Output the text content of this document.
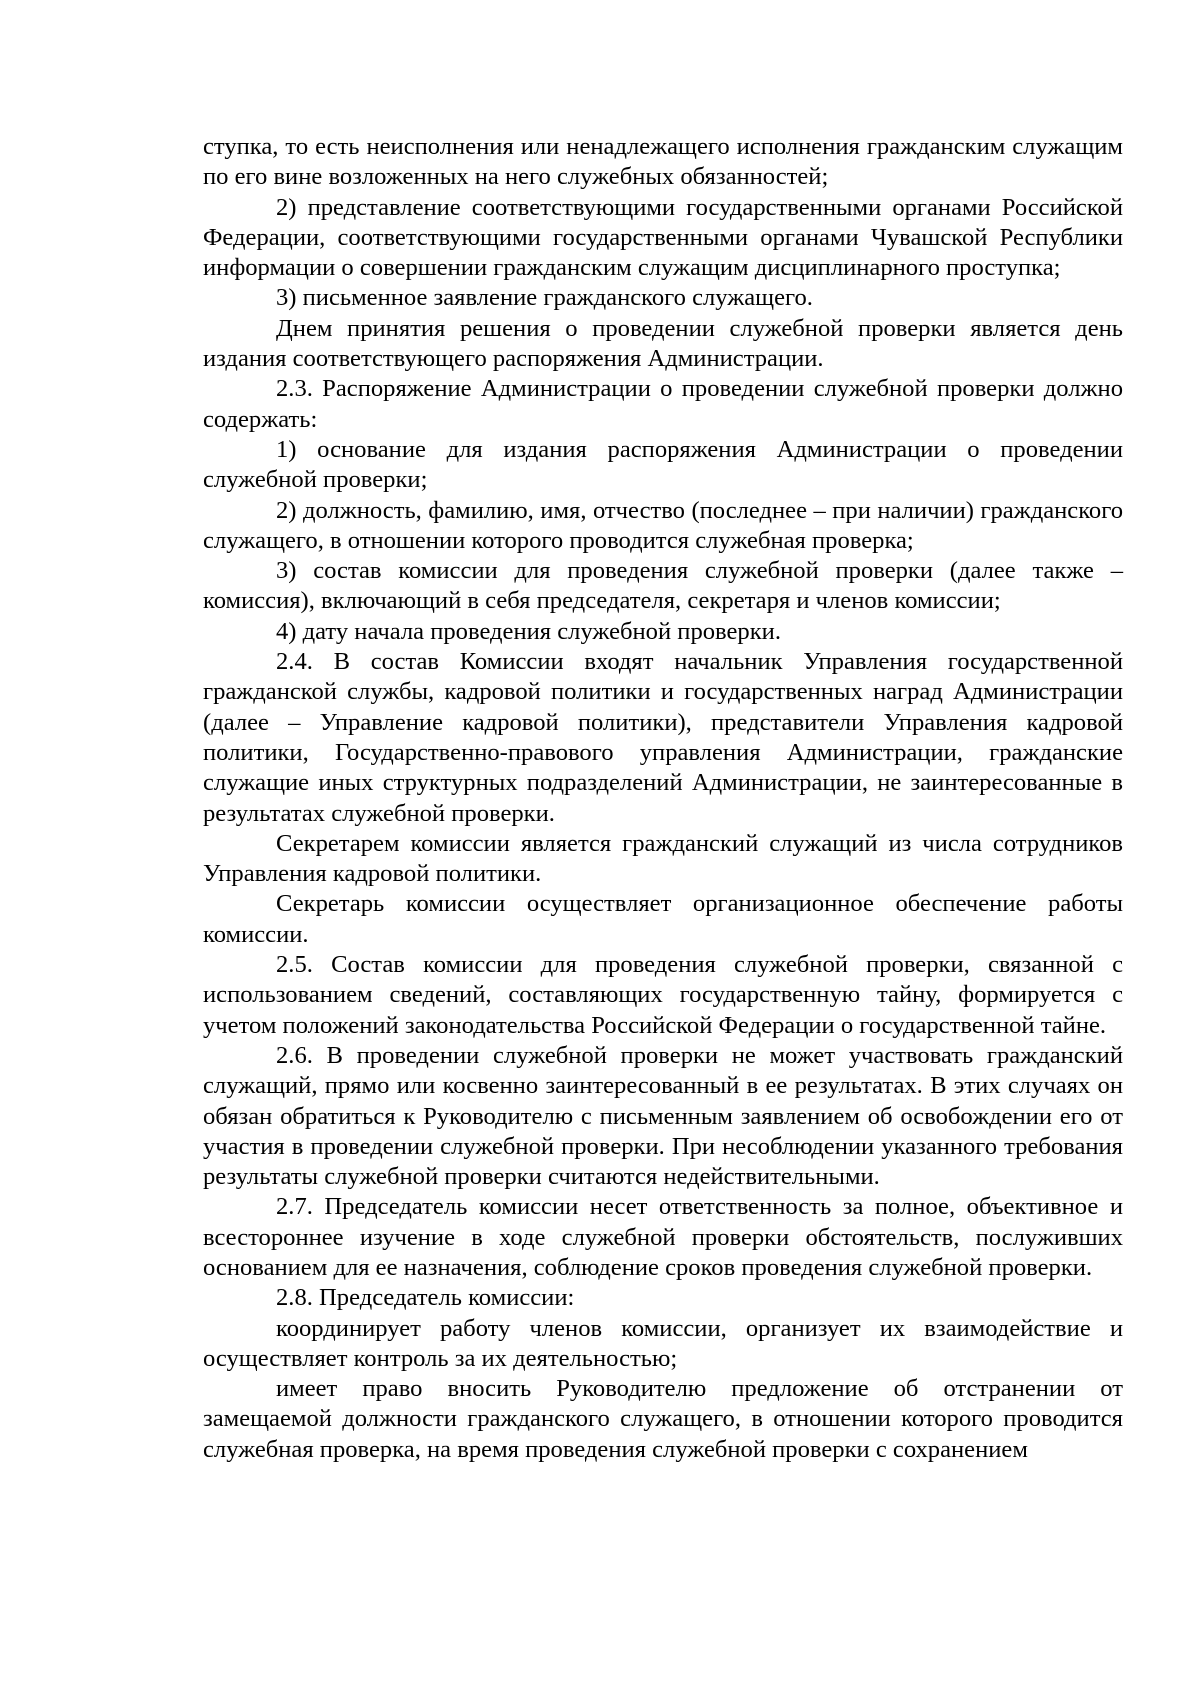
ступка, то есть неисполнения или ненадлежащего исполнения гражданским служащим по его вине возложенных на него служебных обязанностей;

2) представление соответствующими государственными органами Российской Федерации, соответствующими государственными органами Чувашской Республики информации о совершении гражданским служащим дисциплинарного проступка;

3) письменное заявление гражданского служащего.

Днем принятия решения о проведении служебной проверки является день издания соответствующего распоряжения Администрации.

2.3. Распоряжение Администрации о проведении служебной проверки должно содержать:

1) основание для издания распоряжения Администрации о проведении служебной проверки;

2) должность, фамилию, имя, отчество (последнее – при наличии) гражданского служащего, в отношении которого проводится служебная проверка;

3) состав комиссии для проведения служебной проверки (далее также – комиссия), включающий в себя председателя, секретаря и членов комиссии;

4) дату начала проведения служебной проверки.

2.4. В состав Комиссии входят начальник Управления государственной гражданской службы, кадровой политики и государственных наград Администрации (далее – Управление кадровой политики), представители Управления кадровой политики, Государственно-правового управления Администрации, гражданские служащие иных структурных подразделений Администрации, не заинтересованные в результатах служебной проверки.

Секретарем комиссии является гражданский служащий из числа сотрудников Управления кадровой политики.

Секретарь комиссии осуществляет организационное обеспечение работы комиссии.

2.5. Состав комиссии для проведения служебной проверки, связанной с использованием сведений, составляющих государственную тайну, формируется с учетом положений законодательства Российской Федерации о государственной тайне.

2.6. В проведении служебной проверки не может участвовать гражданский служащий, прямо или косвенно заинтересованный в ее результатах. В этих случаях он обязан обратиться к Руководителю с письменным заявлением об освобождении его от участия в проведении служебной проверки. При несоблюдении указанного требования результаты служебной проверки считаются недействительными.

2.7. Председатель комиссии несет ответственность за полное, объективное и всестороннее изучение в ходе служебной проверки обстоятельств, послуживших основанием для ее назначения, соблюдение сроков проведения служебной проверки.

2.8. Председатель комиссии:

координирует работу членов комиссии, организует их взаимодействие и осуществляет контроль за их деятельностью;

имеет право вносить Руководителю предложение об отстранении от замещаемой должности гражданского служащего, в отношении которого проводится служебная проверка, на время проведения служебной проверки с сохранением
